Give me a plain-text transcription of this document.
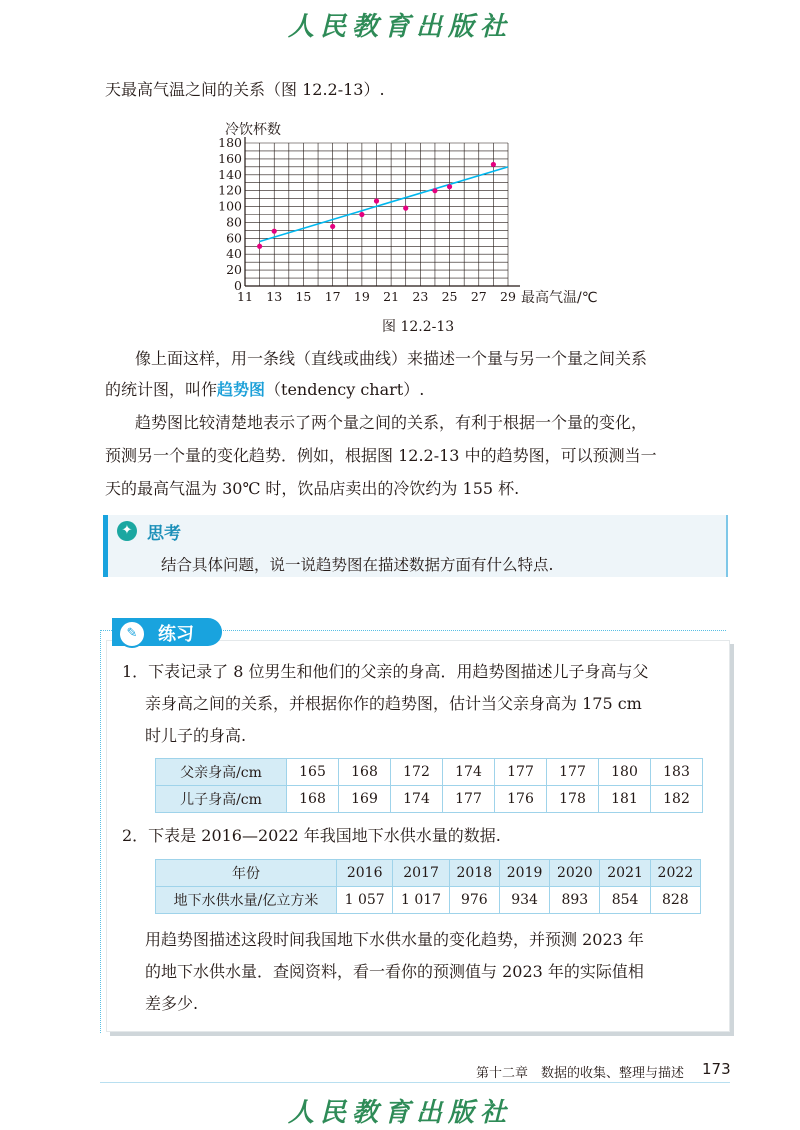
人民教育出版社
天最高气温之间的关系（图 12.2-13）.
0
20
40
60
80
100
120
140
160
180
11 13 15 17 19 21 23 25 27 29
冷饮杯数
最高气温/℃
图 12.2-13
像上面这样，用一条线（直线或曲线）来描述一个量与另一个量之间关系
的统计图，叫作趋势图（tendency chart）.
趋势图比较清楚地表示了两个量之间的关系，有利于根据一个量的变化，
预测另一个量的变化趋势．例如，根据图 12.2-13 中的趋势图，可以预测当一
天的最高气温为 30℃ 时，饮品店卖出的冷饮约为 155 杯.
✦ 思考
结合具体问题，说一说趋势图在描述数据方面有什么特点.
✎	练习
1．下表记录了 8 位男生和他们的父亲的身高．用趋势图描述儿子身高与父
亲身高之间的关系，并根据你作的趋势图，估计当父亲身高为 175 cm
时儿子的身高.
父亲身高/cm	165	168	172	174	177	177	180	183
儿子身高/cm	168	169	174	177	176	178	181	182
2．下表是 2016—2022 年我国地下水供水量的数据.
年份	2016	2017	2018	2019	2020	2021	2022
地下水供水量/亿立方米	1 057	1 017	976	934	893	854	828
用趋势图描述这段时间我国地下水供水量的变化趋势，并预测 2023 年
的地下水供水量．查阅资料，看一看你的预测值与 2023 年的实际值相
差多少.
第十二章　数据的收集、整理与描述 173
人民教育出版社
